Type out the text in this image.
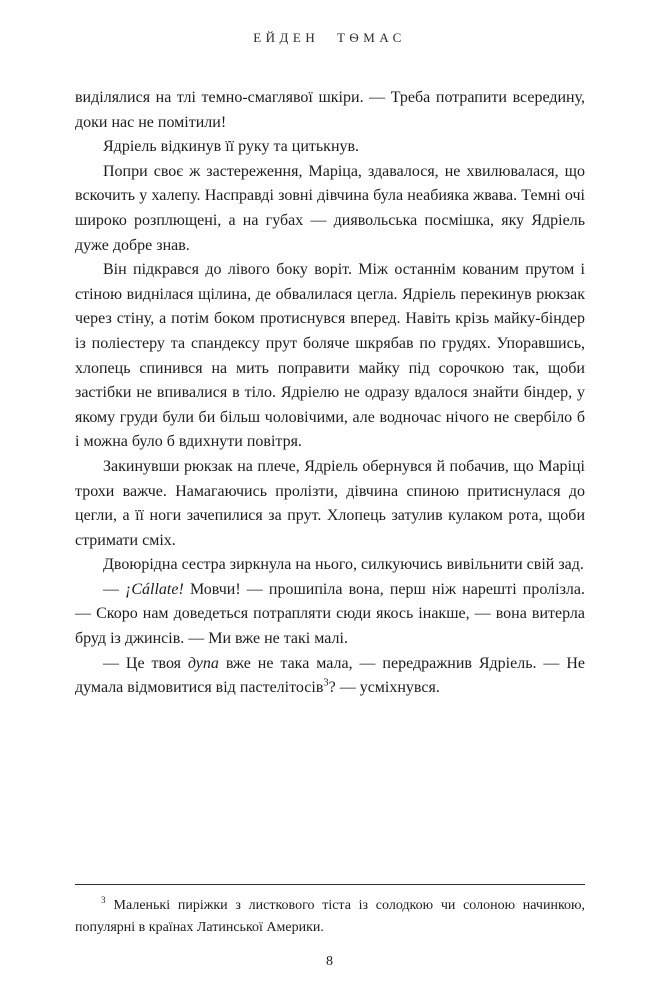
ЕЙДЕН ТѲМАС

виділялися на тлі темно-смаглявої шкіри. — Треба потрапити всередину, доки нас не помітили!

Ядріель відкинув її руку та цитькнув.

Попри своє ж застереження, Маріца, здавалося, не хвилювалася, що вскочить у халепу. Насправді зовні дівчина була неабияка жвава. Темні очі широко розплющені, а на губах — диявольська посмішка, яку Ядріель дуже добре знав.

Він підкрався до лівого боку воріт. Між останнім кованим прутом і стіною виднілася щілина, де обвалилася цегла. Ядріель перекинув рюкзак через стіну, а потім боком протиснувся вперед. Навіть крізь майку-біндер із поліестеру та спандексу прут боляче шкрябав по грудях. Упоравшись, хлопець спинився на мить поправити майку під сорочкою так, щоби застібки не впивалися в тіло. Ядріелю не одразу вдалося знайти біндер, у якому груди були би більш чоловічими, але водночас нічого не свербіло б і можна було б вдихнути повітря.

Закинувши рюкзак на плече, Ядріель обернувся й побачив, що Маріці трохи важче. Намагаючись пролізти, дівчина спиною притиснулася до цегли, а її ноги зачепилися за прут. Хлопець затулив кулаком рота, щоби стримати сміх.

Двоюрідна сестра зиркнула на нього, силкуючись вивільнити свій зад.

— ¡Cállate! Мовчи! — прошипіла вона, перш ніж нарешті пролізла. — Скоро нам доведеться потрапляти сюди якось інакше, — вона витерла бруд із джинсів. — Ми вже не такі малі.

— Це твоя дупа вже не така мала, — передражнив Ядріель. — Не думала відмовитися від пастелітосів$^3$? — усміхнувся.

$^3$ Маленькі пиріжки з листкового тіста із солодкою чи солоною начинкою, популярні в країнах Латинської Америки.

8
